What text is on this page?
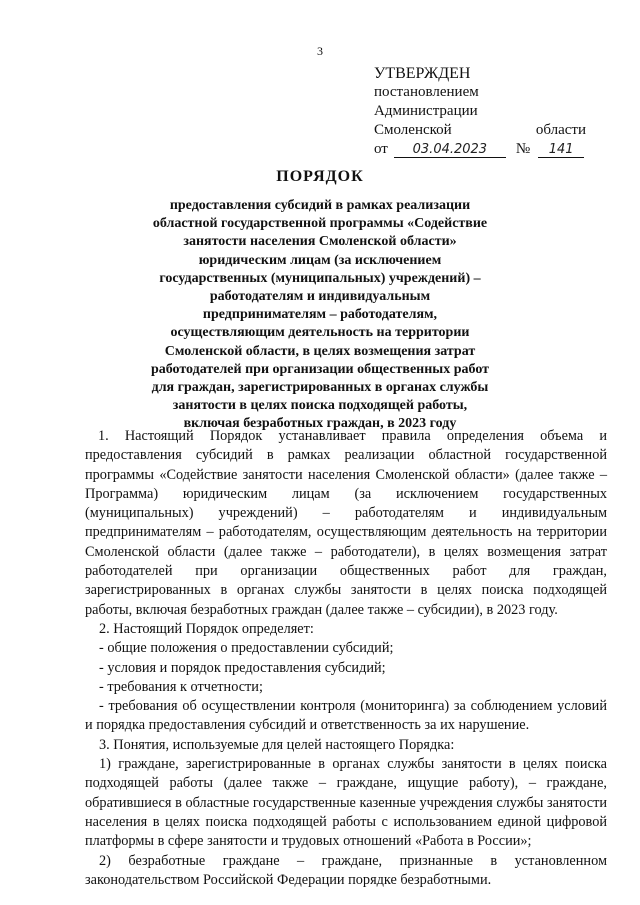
3
УТВЕРЖДЕН
постановлением Администрации
Смоленской	области
от	03.04.2023	№	141
ПОРЯДОК
предоставления субсидий в рамках реализации
областной государственной программы «Содействие
занятости населения Смоленской области»
юридическим лицам (за исключением
государственных (муниципальных) учреждений) –
работодателям и индивидуальным
предпринимателям – работодателям,
осуществляющим деятельность на территории
Смоленской области, в целях возмещения затрат
работодателей при организации общественных работ
для граждан, зарегистрированных в органах службы
занятости в целях поиска подходящей работы,
включая безработных граждан, в 2023 году
1. Настоящий Порядок устанавливает правила определения объема и предоставления субсидий в рамках реализации областной государственной программы «Содействие занятости населения Смоленской области» (далее также – Программа) юридическим лицам (за исключением государственных (муниципальных) учреждений) – работодателям и индивидуальным предпринимателям – работодателям, осуществляющим деятельность на территории Смоленской области (далее также – работодатели), в целях возмещения затрат работодателей при организации общественных работ для граждан, зарегистрированных в органах службы занятости в целях поиска подходящей работы, включая безработных граждан (далее также – субсидии), в 2023 году.
2. Настоящий Порядок определяет:
- общие положения о предоставлении субсидий;
- условия и порядок предоставления субсидий;
- требования к отчетности;
- требования об осуществлении контроля (мониторинга) за соблюдением условий и порядка предоставления субсидий и ответственность за их нарушение.
3. Понятия, используемые для целей настоящего Порядка:
1) граждане, зарегистрированные в органах службы занятости в целях поиска подходящей работы (далее также – граждане, ищущие работу), – граждане, обратившиеся в областные государственные казенные учреждения службы занятости населения в целях поиска подходящей работы с использованием единой цифровой платформы в сфере занятости и трудовых отношений «Работа в России»;
2) безработные граждане – граждане, признанные в установленном законодательством Российской Федерации порядке безработными.
